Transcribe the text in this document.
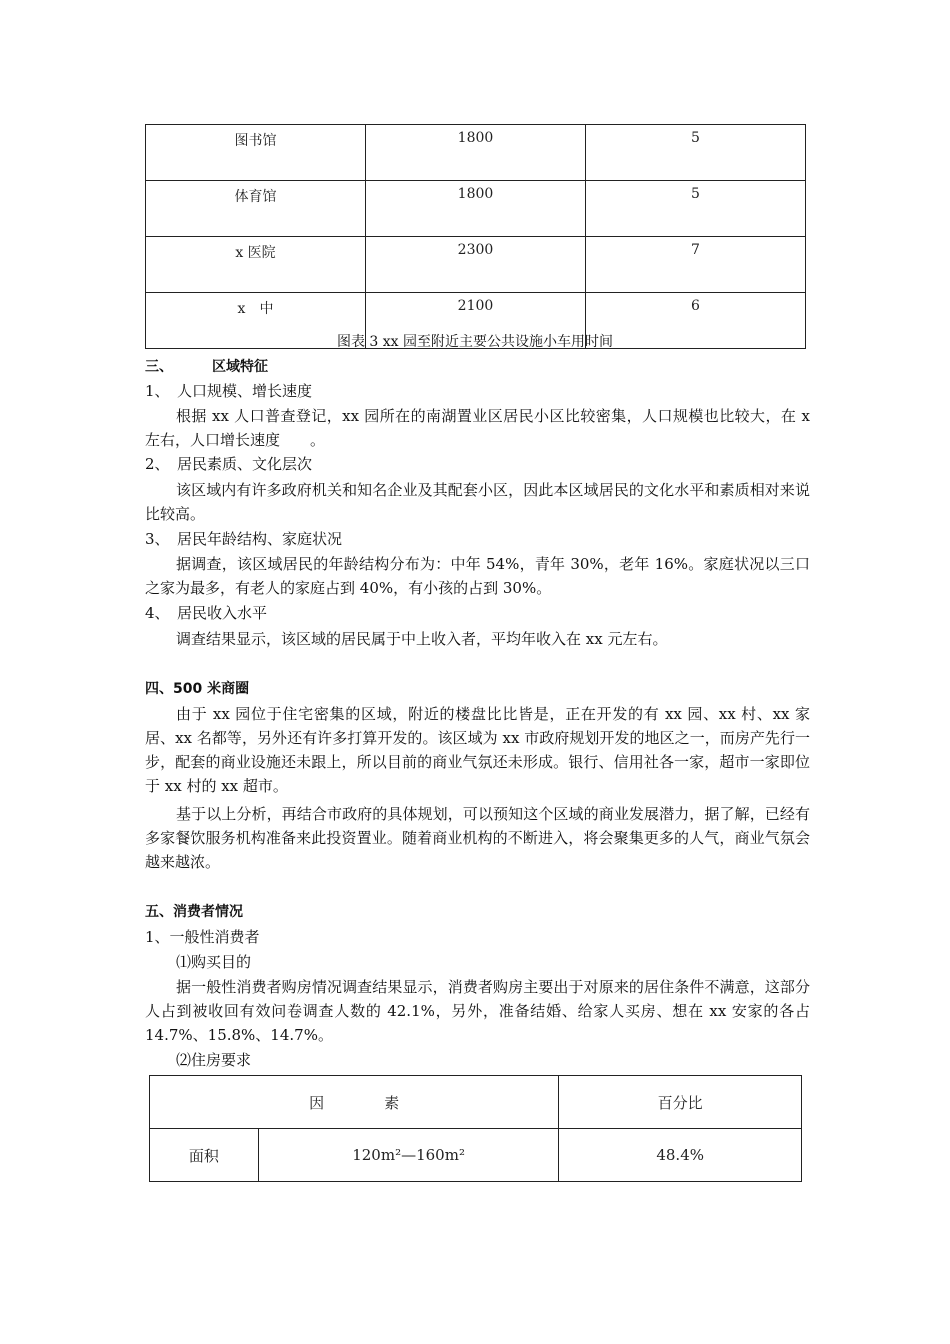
图书馆	1800	5
体育馆	1800	5
x 医院	2300	7
x　中	2100	6
图表 3 xx 园至附近主要公共设施小车用时间
三、	区域特征
1、　人口规模、增长速度
根据 xx 人口普查登记，xx 园所在的南湖置业区居民小区比较密集，人口规模也比较大，在 x 左右，人口增长速度　　。
2、　居民素质、文化层次
该区域内有许多政府机关和知名企业及其配套小区，因此本区域居民的文化水平和素质相对来说比较高。
3、　居民年龄结构、家庭状况
据调查，该区域居民的年龄结构分布为：中年 54%，青年 30%，老年 16%。家庭状况以三口之家为最多，有老人的家庭占到 40%，有小孩的占到 30%。
4、　居民收入水平
调查结果显示，该区域的居民属于中上收入者，平均年收入在 xx 元左右。
四、500 米商圈
由于 xx 园位于住宅密集的区域，附近的楼盘比比皆是，正在开发的有 xx 园、xx 村、xx 家居、xx 名都等，另外还有许多打算开发的。该区域为 xx 市政府规划开发的地区之一，而房产先行一步，配套的商业设施还未跟上，所以目前的商业气氛还未形成。银行、信用社各一家，超市一家即位于 xx 村的 xx 超市。
基于以上分析，再结合市政府的具体规划，可以预知这个区域的商业发展潜力，据了解，已经有多家餐饮服务机构准备来此投资置业。随着商业机构的不断进入，将会聚集更多的人气，商业气氛会越来越浓。
五、消费者情况
1、一般性消费者
⑴购买目的
据一般性消费者购房情况调查结果显示，消费者购房主要出于对原来的居住条件不满意，这部分人占到被收回有效问卷调查人数的 42.1%，另外，准备结婚、给家人买房、想在 xx 安家的各占 14.7%、15.8%、14.7%。
⑵住房要求
因　　　　素		百分比
面积	120m²—160m²	48.4%
